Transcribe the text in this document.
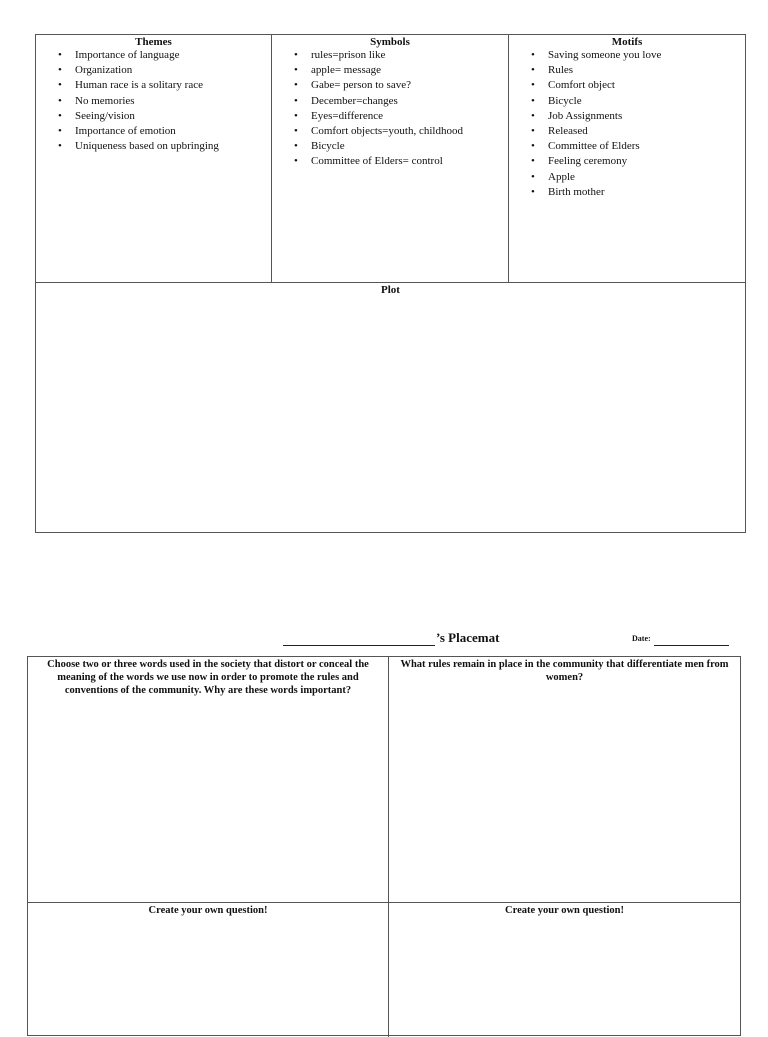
Themes
• Importance of language
• Organization
• Human race is a solitary race
• No memories
• Seeing/vision
• Importance of emotion
• Uniqueness based on upbringing
Symbols
• rules=prison like
• apple= message
• Gabe= person to save?
• December=changes
• Eyes=difference
• Comfort objects=youth, childhood
• Bicycle
• Committee of Elders= control
Motifs
• Saving someone you love
• Rules
• Comfort object
• Bicycle
• Job Assignments
• Released
• Committee of Elders
• Feeling ceremony
• Apple
• Birth mother
Plot
’s Placemat	Date:
Choose two or three words used in the society that distort or conceal the meaning of the words we use now in order to promote the rules and conventions of the community. Why are these words important?
What rules remain in place in the community that differentiate men from women?
Create your own question!	Create your own question!
